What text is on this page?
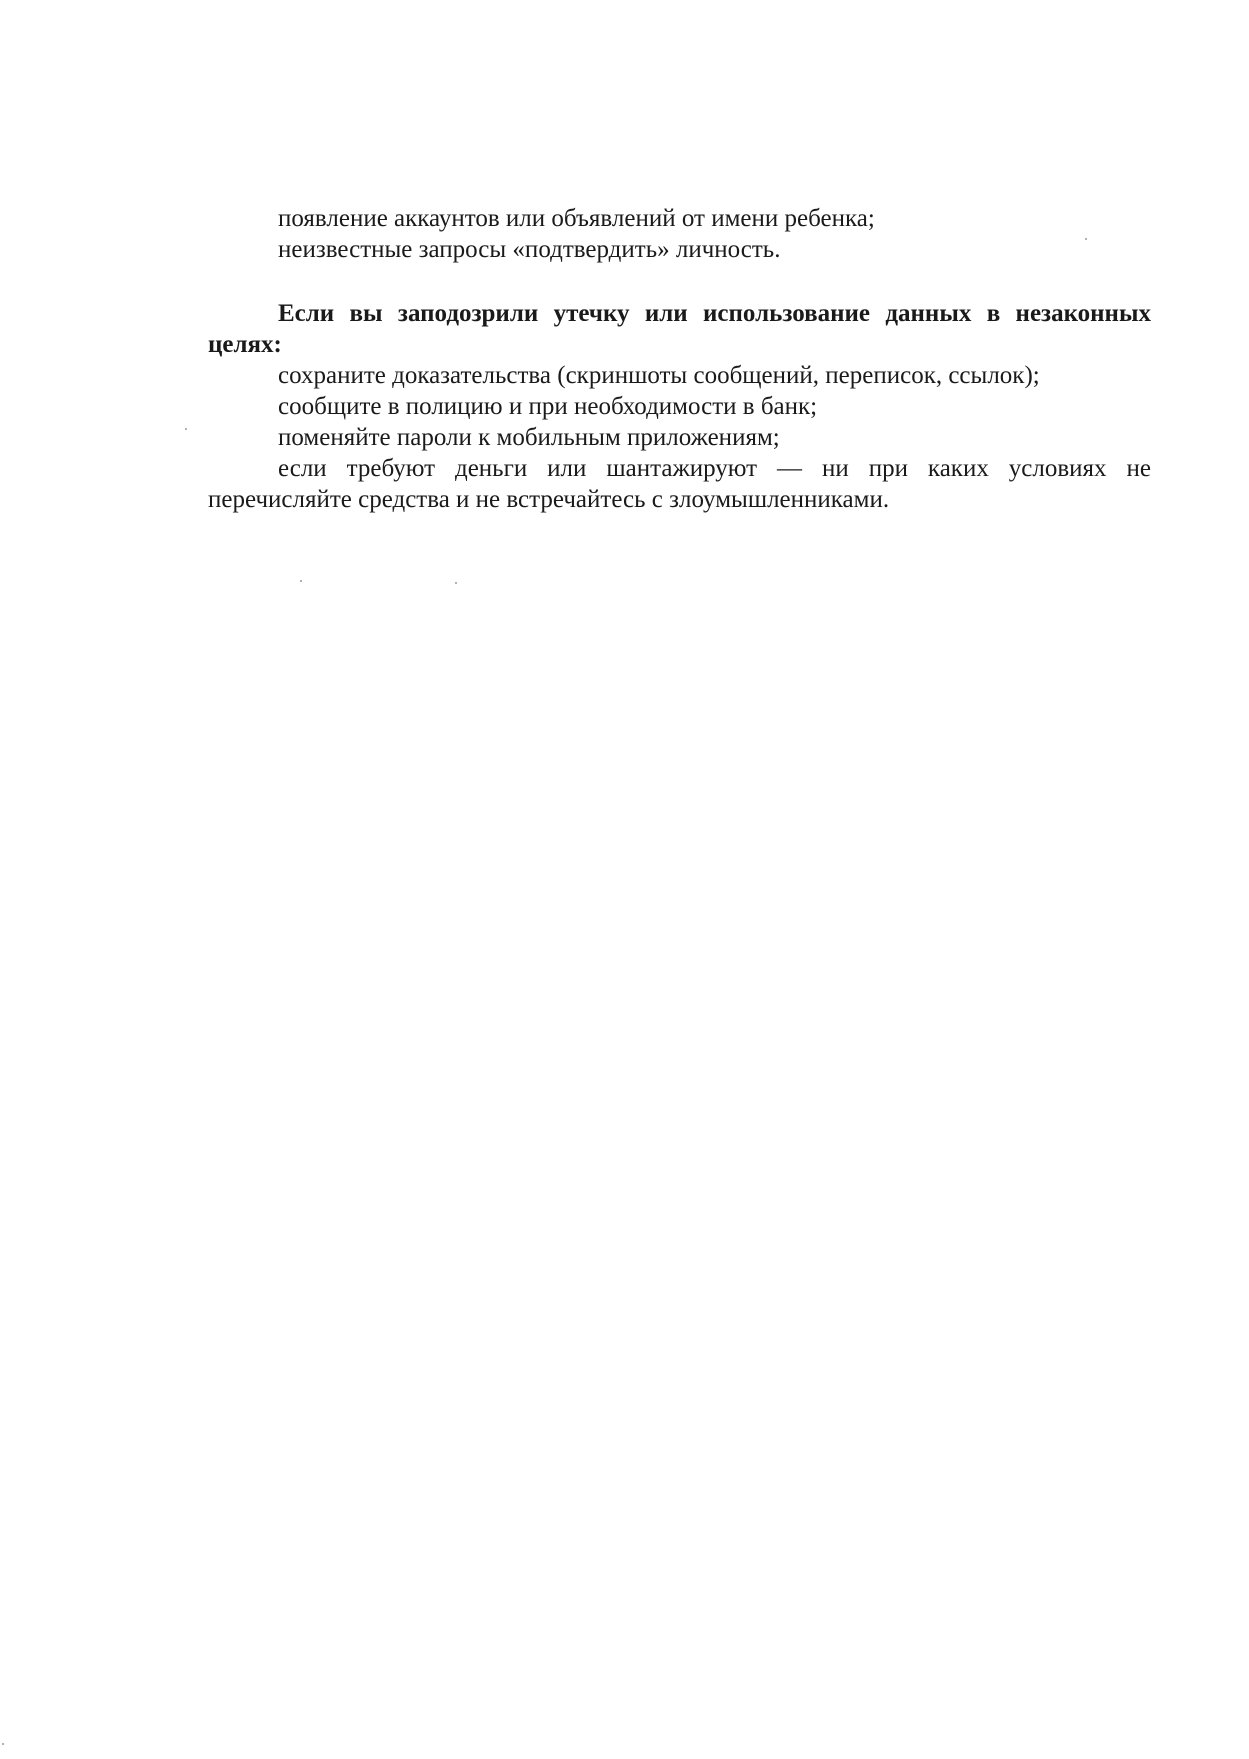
появление аккаунтов или объявлений от имени ребенка;

неизвестные запросы «подтвердить» личность.

Если вы заподозрили утечку или использование данных в незаконных целях:

сохраните доказательства (скриншоты сообщений, переписок, ссылок);

сообщите в полицию и при необходимости в банк;

поменяйте пароли к мобильным приложениям;

если требуют деньги или шантажируют — ни при каких условиях не перечисляйте средства и не встречайтесь с злоумышленниками.
